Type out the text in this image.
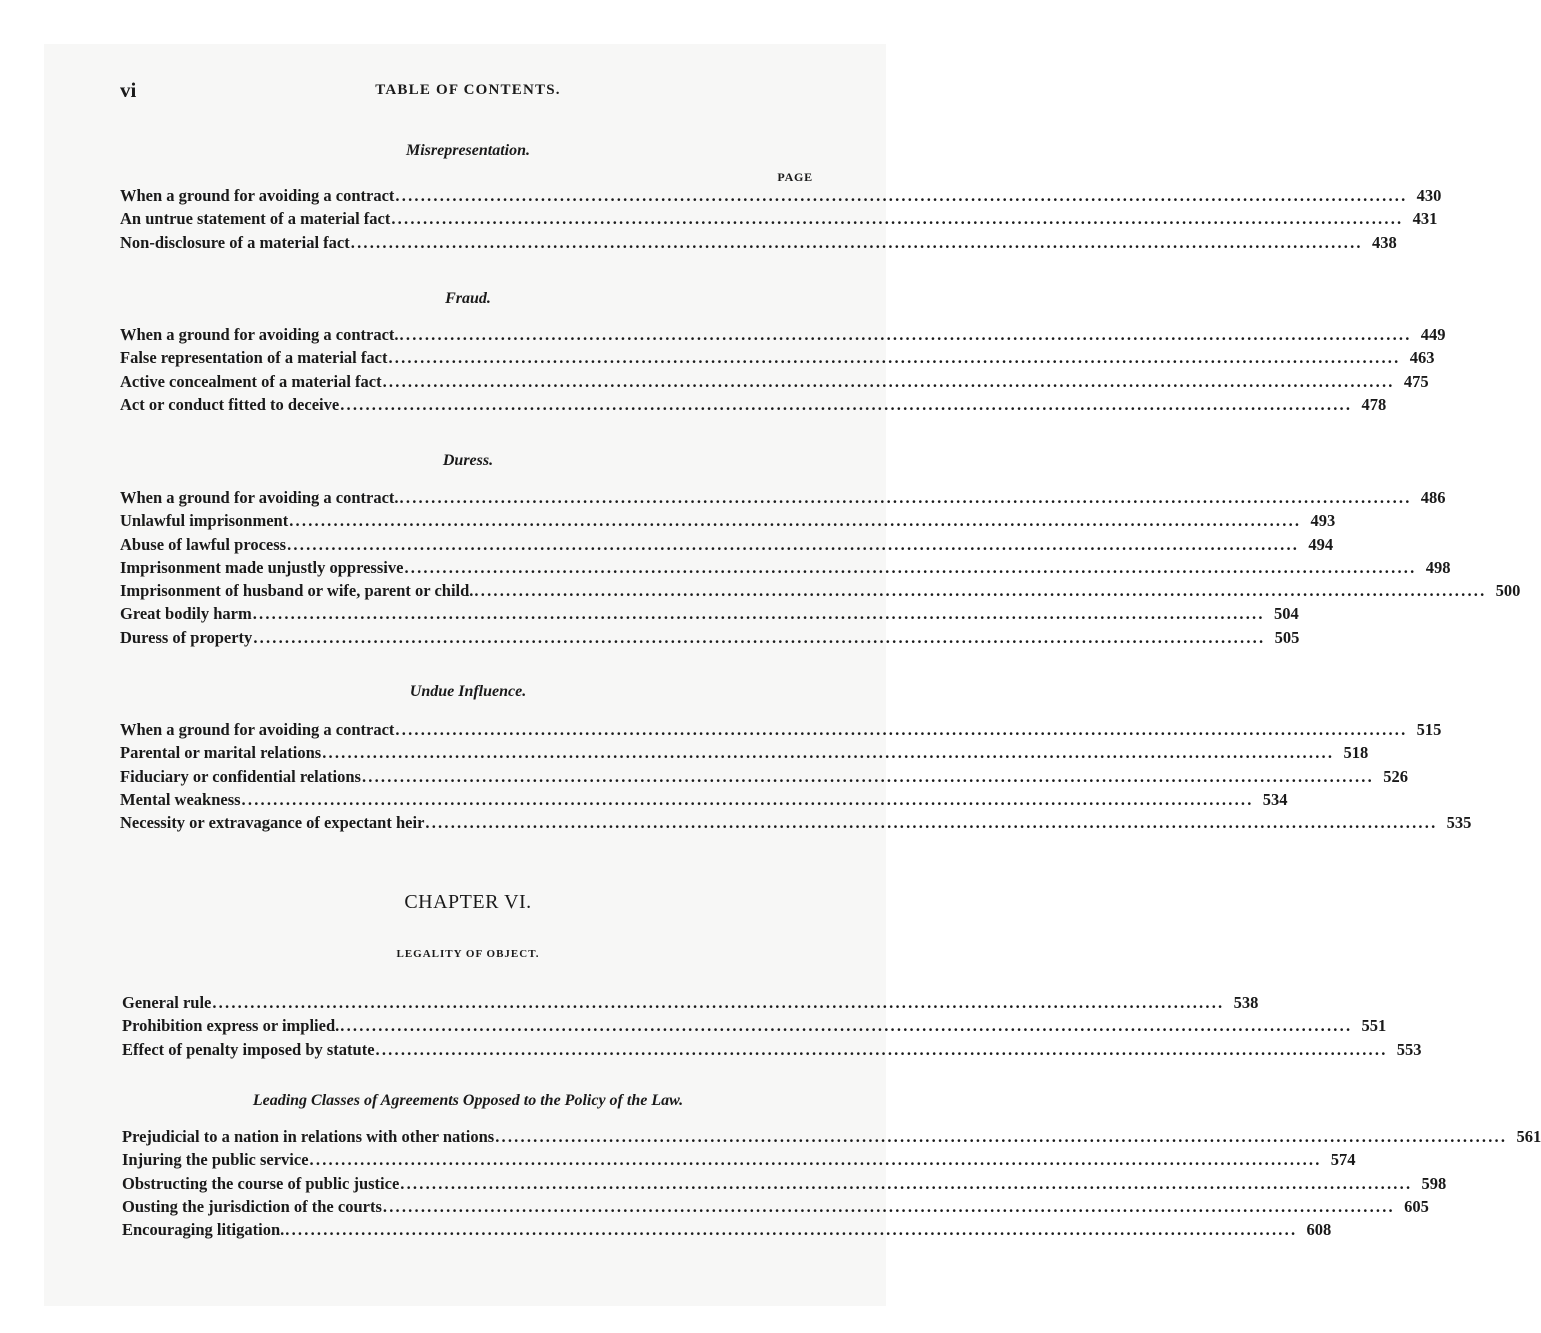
vi	TABLE OF CONTENTS.
Misrepresentation.
PAGE
When a ground for avoiding a contract ................................................................................................................................................................ 430
An untrue statement of a material fact ................................................................................................................................................................ 431
Non-disclosure of a material fact ................................................................................................................................................................ 438
Fraud.
When a ground for avoiding a contract. ................................................................................................................................................................ 449
False representation of a material fact ................................................................................................................................................................ 463
Active concealment of a material fact ................................................................................................................................................................ 475
Act or conduct fitted to deceive ................................................................................................................................................................ 478
Duress.
When a ground for avoiding a contract. ................................................................................................................................................................ 486
Unlawful imprisonment ................................................................................................................................................................ 493
Abuse of lawful process ................................................................................................................................................................ 494
Imprisonment made unjustly oppressive ................................................................................................................................................................ 498
Imprisonment of husband or wife, parent or child. ................................................................................................................................................................ 500
Great bodily harm ................................................................................................................................................................ 504
Duress of property ................................................................................................................................................................ 505
Undue Influence.
When a ground for avoiding a contract ................................................................................................................................................................ 515
Parental or marital relations ................................................................................................................................................................ 518
Fiduciary or confidential relations ................................................................................................................................................................ 526
Mental weakness ................................................................................................................................................................ 534
Necessity or extravagance of expectant heir ................................................................................................................................................................ 535
CHAPTER VI.
LEGALITY OF OBJECT.
General rule ................................................................................................................................................................ 538
Prohibition express or implied. ................................................................................................................................................................ 551
Effect of penalty imposed by statute ................................................................................................................................................................ 553
Leading Classes of Agreements Opposed to the Policy of the Law.
Prejudicial to a nation in relations with other nations ................................................................................................................................................................ 561
Injuring the public service ................................................................................................................................................................ 574
Obstructing the course of public justice ................................................................................................................................................................ 598
Ousting the jurisdiction of the courts ................................................................................................................................................................ 605
Encouraging litigation. ................................................................................................................................................................ 608
